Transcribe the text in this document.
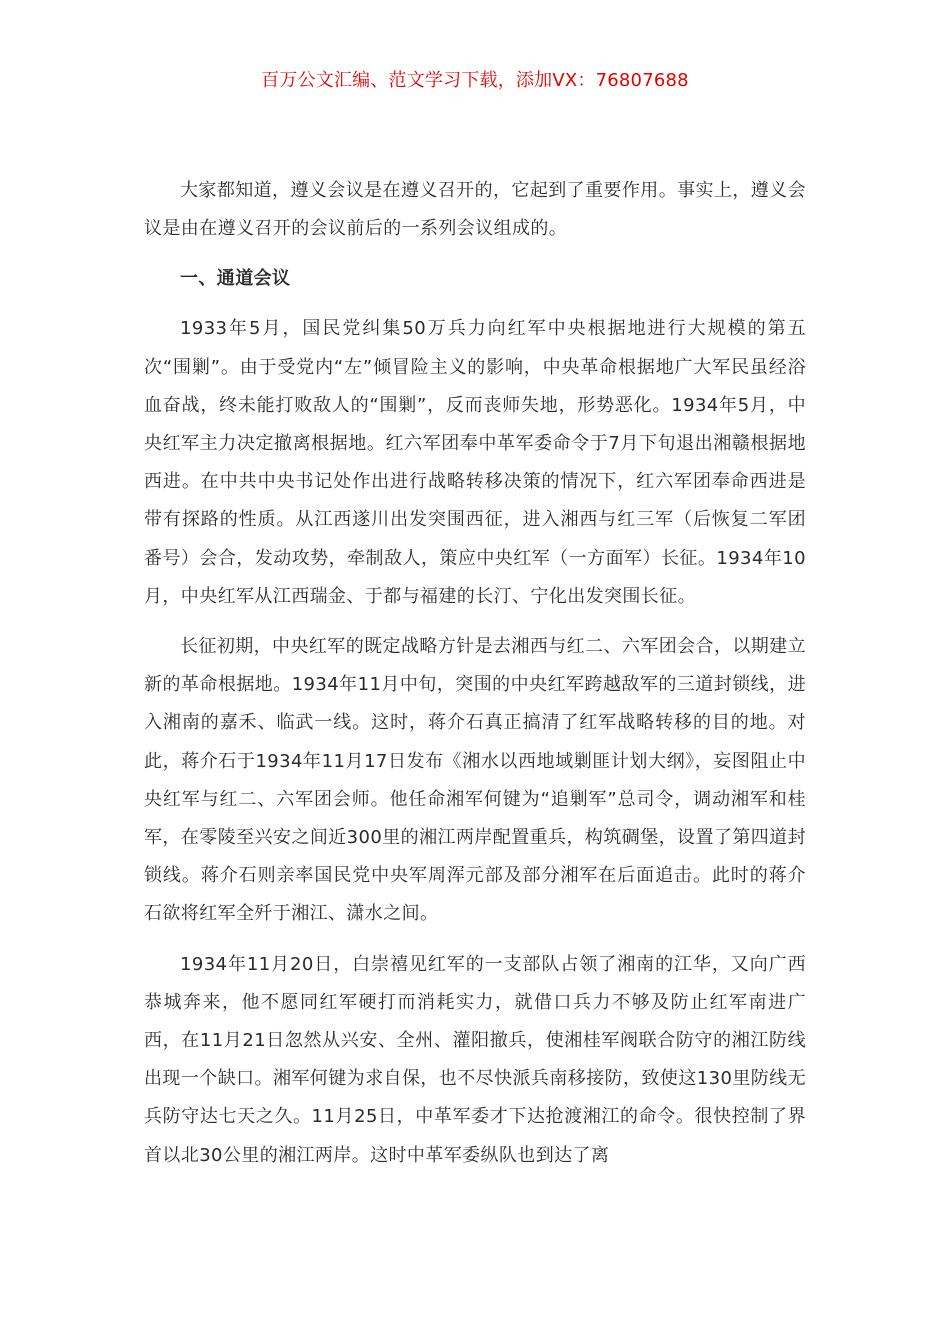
百万公文汇编、范文学习下载，添加VX：76807688

大家都知道，遵义会议是在遵义召开的，它起到了重要作用。事实上，遵义会议是由在遵义召开的会议前后的一系列会议组成的。

一、通道会议

1933年5月，国民党纠集50万兵力向红军中央根据地进行大规模的第五次“围剿”。由于受党内“左”倾冒险主义的影响，中央革命根据地广大军民虽经浴血奋战，终未能打败敌人的“围剿”，反而丧师失地，形势恶化。1934年5月，中央红军主力决定撤离根据地。红六军团奉中革军委命令于7月下旬退出湘赣根据地西进。在中共中央书记处作出进行战略转移决策的情况下，红六军团奉命西进是带有探路的性质。从江西遂川出发突围西征，进入湘西与红三军（后恢复二军团番号）会合，发动攻势，牵制敌人，策应中央红军（一方面军）长征。1934年10月，中央红军从江西瑞金、于都与福建的长汀、宁化出发突围长征。

长征初期，中央红军的既定战略方针是去湘西与红二、六军团会合，以期建立新的革命根据地。1934年11月中旬，突围的中央红军跨越敌军的三道封锁线，进入湘南的嘉禾、临武一线。这时，蒋介石真正搞清了红军战略转移的目的地。对此，蒋介石于1934年11月17日发布《湘水以西地域剿匪计划大纲》，妄图阻止中央红军与红二、六军团会师。他任命湘军何键为“追剿军”总司令，调动湘军和桂军，在零陵至兴安之间近300里的湘江两岸配置重兵，构筑碉堡，设置了第四道封锁线。蒋介石则亲率国民党中央军周浑元部及部分湘军在后面追击。此时的蒋介石欲将红军全歼于湘江、潇水之间。

1934年11月20日，白崇禧见红军的一支部队占领了湘南的江华，又向广西恭城奔来，他不愿同红军硬打而消耗实力，就借口兵力不够及防止红军南进广西，在11月21日忽然从兴安、全州、灌阳撤兵，使湘桂军阀联合防守的湘江防线出现一个缺口。湘军何键为求自保，也不尽快派兵南移接防，致使这130里防线无兵防守达七天之久。11月25日，中革军委才下达抢渡湘江的命令。很快控制了界首以北30公里的湘江两岸。这时中革军委纵队也到达了离
